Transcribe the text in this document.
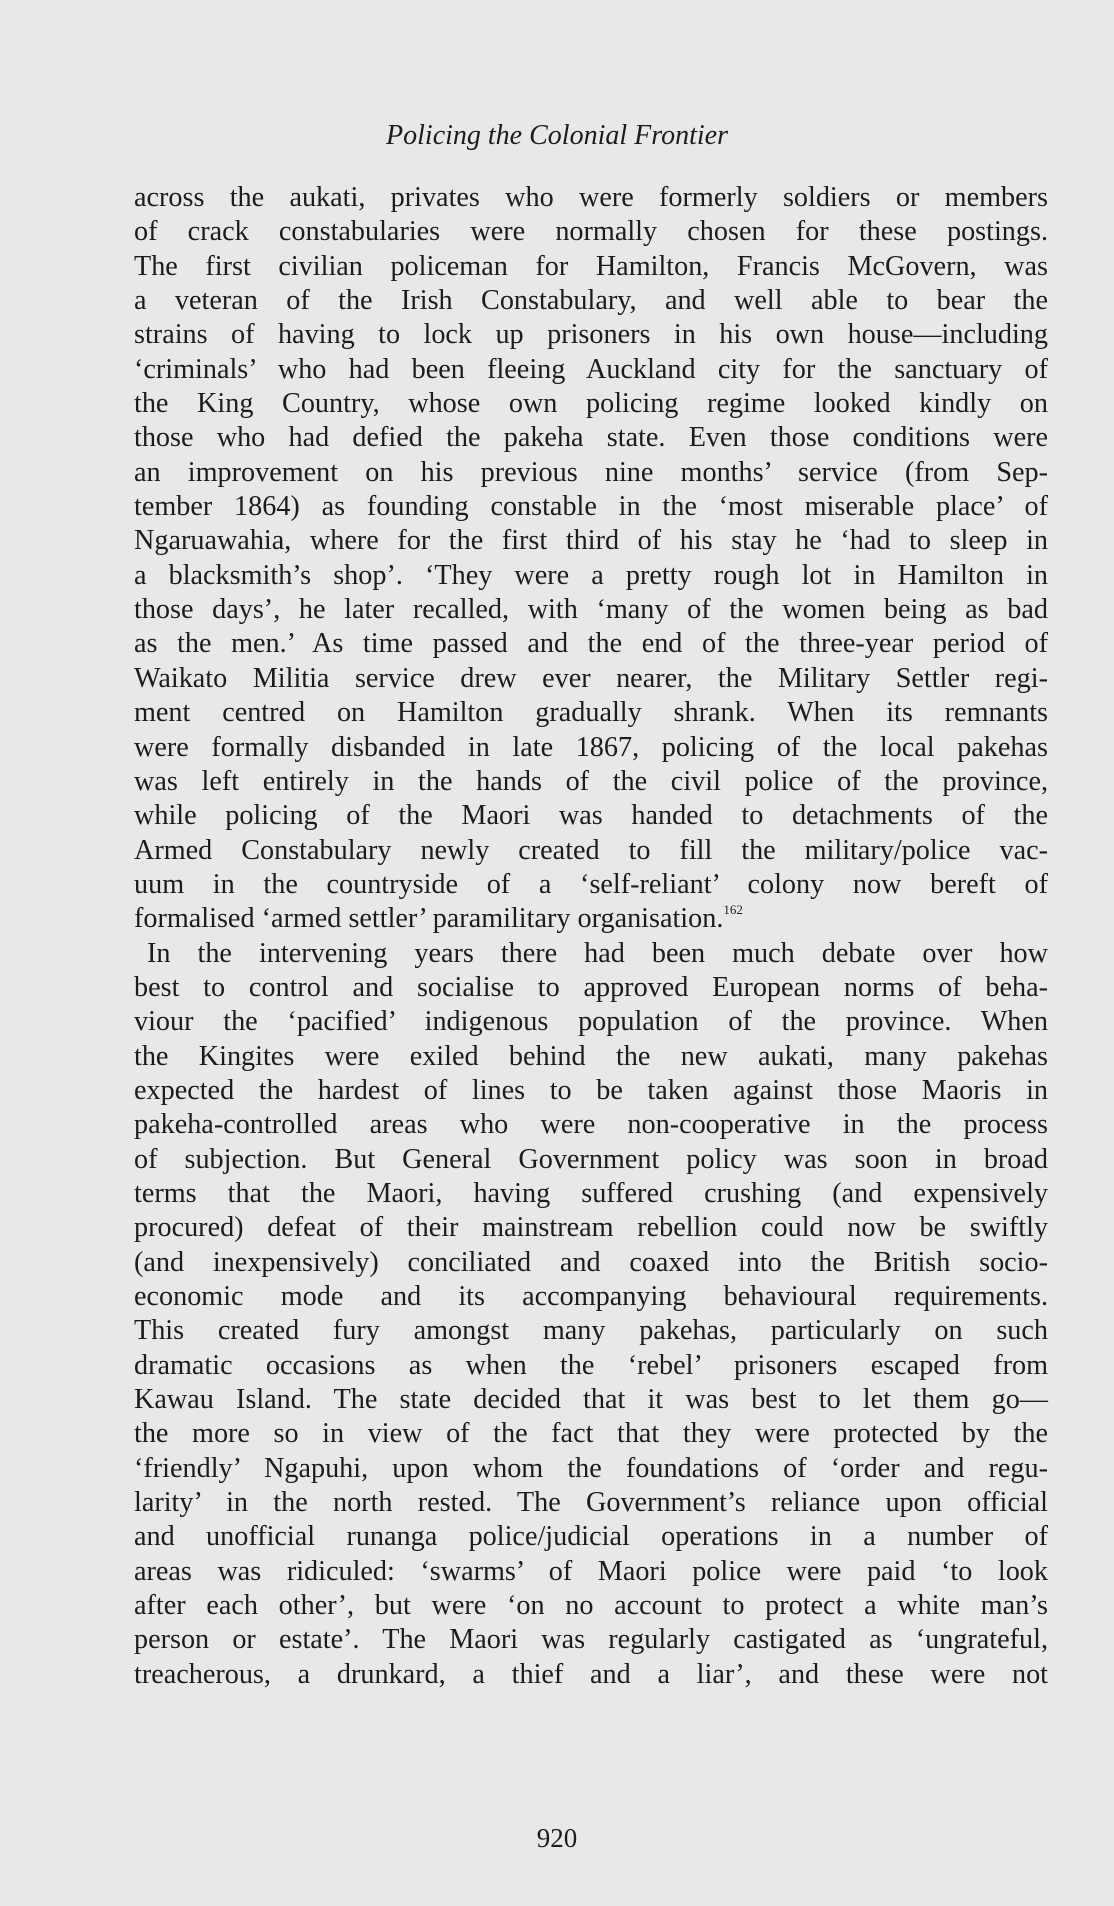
Policing the Colonial Frontier
across the aukati, privates who were formerly soldiers or members
of crack constabularies were normally chosen for these postings.
The first civilian policeman for Hamilton, Francis McGovern, was
a veteran of the Irish Constabulary, and well able to bear the
strains of having to lock up prisoners in his own house—including
‘criminals’ who had been fleeing Auckland city for the sanctuary of
the King Country, whose own policing regime looked kindly on
those who had defied the pakeha state. Even those conditions were
an improvement on his previous nine months’ service (from Sep-
tember 1864) as founding constable in the ‘most miserable place’ of
Ngaruawahia, where for the first third of his stay he ‘had to sleep in
a blacksmith’s shop’. ‘They were a pretty rough lot in Hamilton in
those days’, he later recalled, with ‘many of the women being as bad
as the men.’ As time passed and the end of the three-year period of
Waikato Militia service drew ever nearer, the Military Settler regi-
ment centred on Hamilton gradually shrank. When its remnants
were formally disbanded in late 1867, policing of the local pakehas
was left entirely in the hands of the civil police of the province,
while policing of the Maori was handed to detachments of the
Armed Constabulary newly created to fill the military/police vac-
uum in the countryside of a ‘self-reliant’ colony now bereft of
formalised ‘armed settler’ paramilitary organisation.$^{162}$
In the intervening years there had been much debate over how
best to control and socialise to approved European norms of beha-
viour the ‘pacified’ indigenous population of the province. When
the Kingites were exiled behind the new aukati, many pakehas
expected the hardest of lines to be taken against those Maoris in
pakeha-controlled areas who were non-cooperative in the process
of subjection. But General Government policy was soon in broad
terms that the Maori, having suffered crushing (and expensively
procured) defeat of their mainstream rebellion could now be swiftly
(and inexpensively) conciliated and coaxed into the British socio-
economic mode and its accompanying behavioural requirements.
This created fury amongst many pakehas, particularly on such
dramatic occasions as when the ‘rebel’ prisoners escaped from
Kawau Island. The state decided that it was best to let them go—
the more so in view of the fact that they were protected by the
‘friendly’ Ngapuhi, upon whom the foundations of ‘order and regu-
larity’ in the north rested. The Government’s reliance upon official
and unofficial runanga police/judicial operations in a number of
areas was ridiculed: ‘swarms’ of Maori police were paid ‘to look
after each other’, but were ‘on no account to protect a white man’s
person or estate’. The Maori was regularly castigated as ‘ungrateful,
treacherous, a drunkard, a thief and a liar’, and these were not
920
